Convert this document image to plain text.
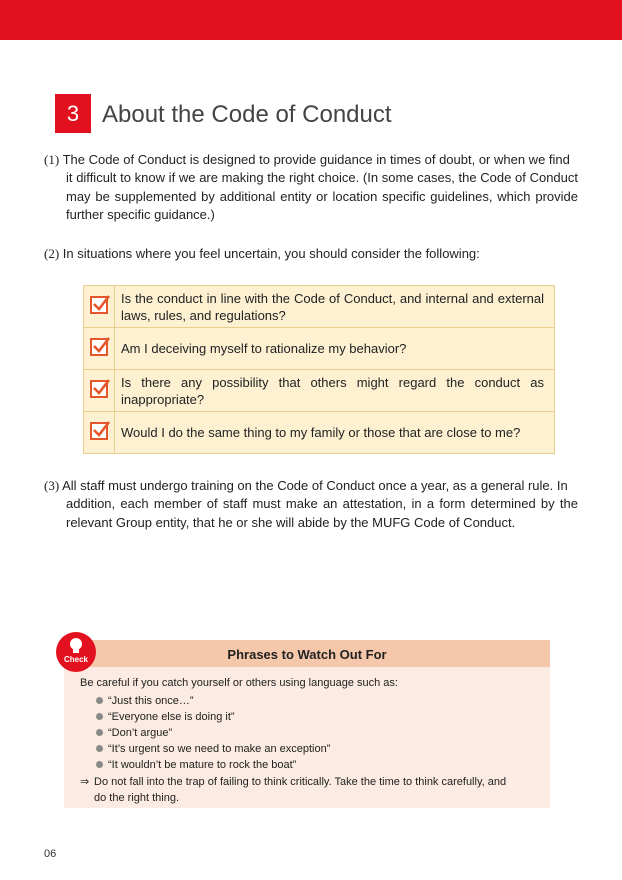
3 About the Code of Conduct
(1) The Code of Conduct is designed to provide guidance in times of doubt, or when we find
it difficult to know if we are making the right choice. (In some cases, the Code of Conduct may be supplemented by additional entity or location specific guidelines, which provide further specific guidance.)
(2) In situations where you feel uncertain, you should consider the following:
	Is the conduct in line with the Code of Conduct, and internal and external laws, rules, and regulations?

	Am I deceiving myself to rationalize my behavior?

	Is there any possibility that others might regard the conduct as inappropriate?

	Would I do the same thing to my family or those that are close to me?
(3) All staff must undergo training on the Code of Conduct once a year, as a general rule. In
addition, each member of staff must make an attestation, in a form determined by the relevant Group entity, that he or she will abide by the MUFG Code of Conduct.
Phrases to Watch Out For
Check
Be careful if you catch yourself or others using language such as:
“Just this once…”
“Everyone else is doing it”
“Don’t argue”
“It’s urgent so we need to make an exception”
“It wouldn’t be mature to rock the boat”
⇒ Do not fall into the trap of failing to think critically. Take the time to think carefully, and
do the right thing.
06
